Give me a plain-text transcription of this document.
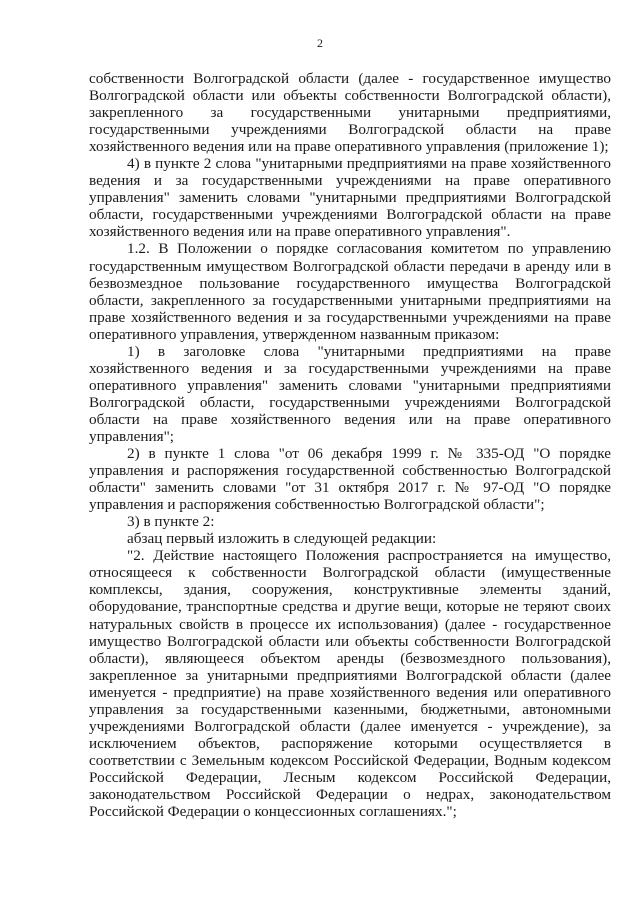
2

собственности Волгоградской области (далее - государственное имущество Волгоградской области или объекты собственности Волгоградской области), закрепленного за государственными унитарными предприятиями, государственными учреждениями Волгоградской области на праве хозяйственного ведения или на праве оперативного управления (приложение 1);

4) в пункте 2 слова "унитарными предприятиями на праве хозяйственного ведения и за государственными учреждениями на праве оперативного управления" заменить словами "унитарными предприятиями Волгоградской области, государственными учреждениями Волгоградской области на праве хозяйственного ведения или на праве оперативного управления".

1.2. В Положении о порядке согласования комитетом по управлению государственным имуществом Волгоградской области передачи в аренду или в безвозмездное пользование государственного имущества Волгоградской области, закрепленного за государственными унитарными предприятиями на праве хозяйственного ведения и за государственными учреждениями на праве оперативного управления, утвержденном названным приказом:

1) в заголовке слова "унитарными предприятиями на праве хозяйственного ведения и за государственными учреждениями на праве оперативного управления" заменить словами "унитарными предприятиями Волгоградской области, государственными учреждениями Волгоградской области на праве хозяйственного ведения или на праве оперативного управления";

2) в пункте 1 слова "от 06 декабря 1999 г. № 335-ОД "О порядке управления и распоряжения государственной собственностью Волгоградской области" заменить словами "от 31 октября 2017 г. № 97-ОД "О порядке управления и распоряжения собственностью Волгоградской области";

3) в пункте 2:

абзац первый изложить в следующей редакции:

"2. Действие настоящего Положения распространяется на имущество, относящееся к собственности Волгоградской области (имущественные комплексы, здания, сооружения, конструктивные элементы зданий, оборудование, транспортные средства и другие вещи, которые не теряют своих натуральных свойств в процессе их использования) (далее - государственное имущество Волгоградской области или объекты собственности Волгоградской области), являющееся объектом аренды (безвозмездного пользования), закрепленное за унитарными предприятиями Волгоградской области (далее именуется - предприятие) на праве хозяйственного ведения или оперативного управления за государственными казенными, бюджетными, автономными учреждениями Волгоградской области (далее именуется - учреждение), за исключением объектов, распоряжение которыми осуществляется в соответствии с Земельным кодексом Российской Федерации, Водным кодексом Российской Федерации, Лесным кодексом Российской Федерации, законодательством Российской Федерации о недрах, законодательством Российской Федерации о концессионных соглашениях.";
